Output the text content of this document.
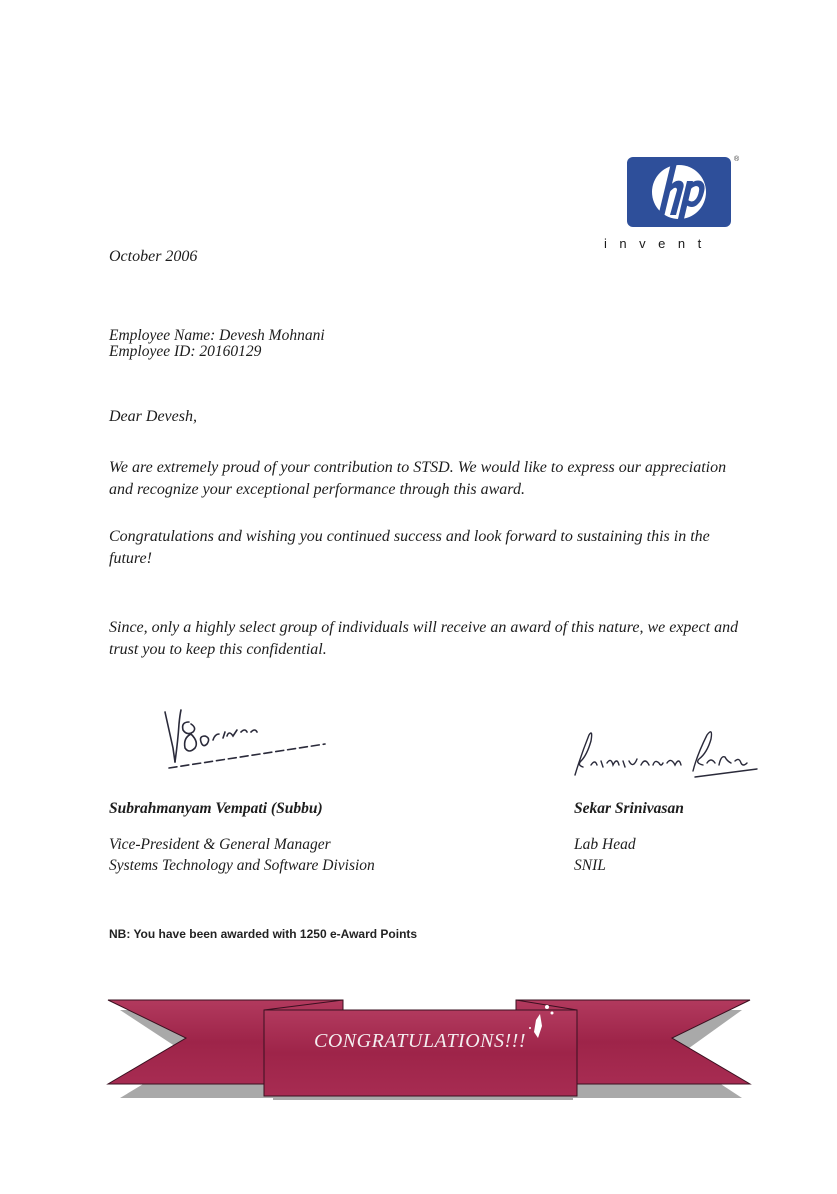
®
invent
October 2006
Employee Name: Devesh Mohnani
Employee ID: 20160129
Dear Devesh,
We are extremely proud of your contribution to STSD. We would like to express our appreciation and recognize your exceptional performance through this award.
Congratulations and wishing you continued success and look forward to sustaining this in the future!
Since, only a highly select group of individuals will receive an award of this nature, we expect and trust you to keep this confidential.
Subrahmanyam Vempati (Subbu)
Vice-President & General Manager
Systems Technology and Software Division
Sekar Srinivasan
Lab Head
SNIL
NB: You have been awarded with 1250 e-Award Points
CONGRATULATIONS!!!
